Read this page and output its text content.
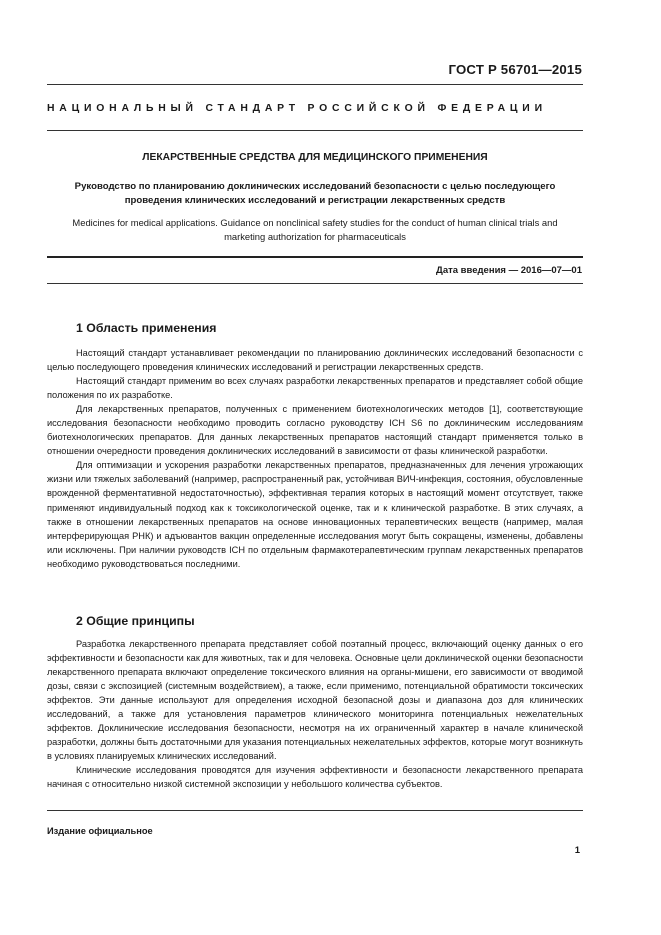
ГОСТ Р 56701—2015
НАЦИОНАЛЬНЫЙ СТАНДАРТ РОССИЙСКОЙ ФЕДЕРАЦИИ
ЛЕКАРСТВЕННЫЕ СРЕДСТВА ДЛЯ МЕДИЦИНСКОГО ПРИМЕНЕНИЯ
Руководство по планированию доклинических исследований безопасности с целью последующего проведения клинических исследований и регистрации лекарственных средств
Medicines for medical applications. Guidance on nonclinical safety studies for the conduct of human clinical trials and marketing authorization for pharmaceuticals
Дата введения — 2016—07—01
1 Область применения

Настоящий стандарт устанавливает рекомендации по планированию доклинических исследований безопасности с целью последующего проведения клинических исследований и регистрации лекарственных средств.

Настоящий стандарт применим во всех случаях разработки лекарственных препаратов и представляет собой общие положения по их разработке.

Для лекарственных препаратов, полученных с применением биотехнологических методов [1], соответствующие исследования безопасности необходимо проводить согласно руководству ICH S6 по доклиническим исследованиям биотехнологических препаратов. Для данных лекарственных препаратов настоящий стандарт применяется только в отношении очередности проведения доклинических исследований в зависимости от фазы клинической разработки.

Для оптимизации и ускорения разработки лекарственных препаратов, предназначенных для лечения угрожающих жизни или тяжелых заболеваний (например, распространенный рак, устойчивая ВИЧ-инфекция, состояния, обусловленные врожденной ферментативной недостаточностью), эффективная терапия которых в настоящий момент отсутствует, также применяют индивидуальный подход как к токсикологической оценке, так и к клинической разработке. В этих случаях, а также в отношении лекарственных препаратов на основе инновационных терапевтических веществ (например, малая интерферирующая РНК) и адъювантов вакцин определенные исследования могут быть сокращены, изменены, добавлены или исключены. При наличии руководств ICH по отдельным фармакотерапевтическим группам лекарственных препаратов необходимо руководствоваться последними.

2 Общие принципы

Разработка лекарственного препарата представляет собой поэтапный процесс, включающий оценку данных о его эффективности и безопасности как для животных, так и для человека. Основные цели доклинической оценки безопасности лекарственного препарата включают определение токсического влияния на органы-мишени, его зависимости от вводимой дозы, связи с экспозицией (системным воздействием), а также, если применимо, потенциальной обратимости токсических эффектов. Эти данные используют для определения исходной безопасной дозы и диапазона доз для клинических исследований, а также для установления параметров клинического мониторинга потенциальных нежелательных эффектов. Доклинические исследования безопасности, несмотря на их ограниченный характер в начале клинической разработки, должны быть достаточными для указания потенциальных нежелательных эффектов, которые могут возникнуть в условиях планируемых клинических исследований.

Клинические исследования проводятся для изучения эффективности и безопасности лекарственного препарата начиная с относительно низкой системной экспозиции у небольшого количества субъектов.

Издание официальное
1
